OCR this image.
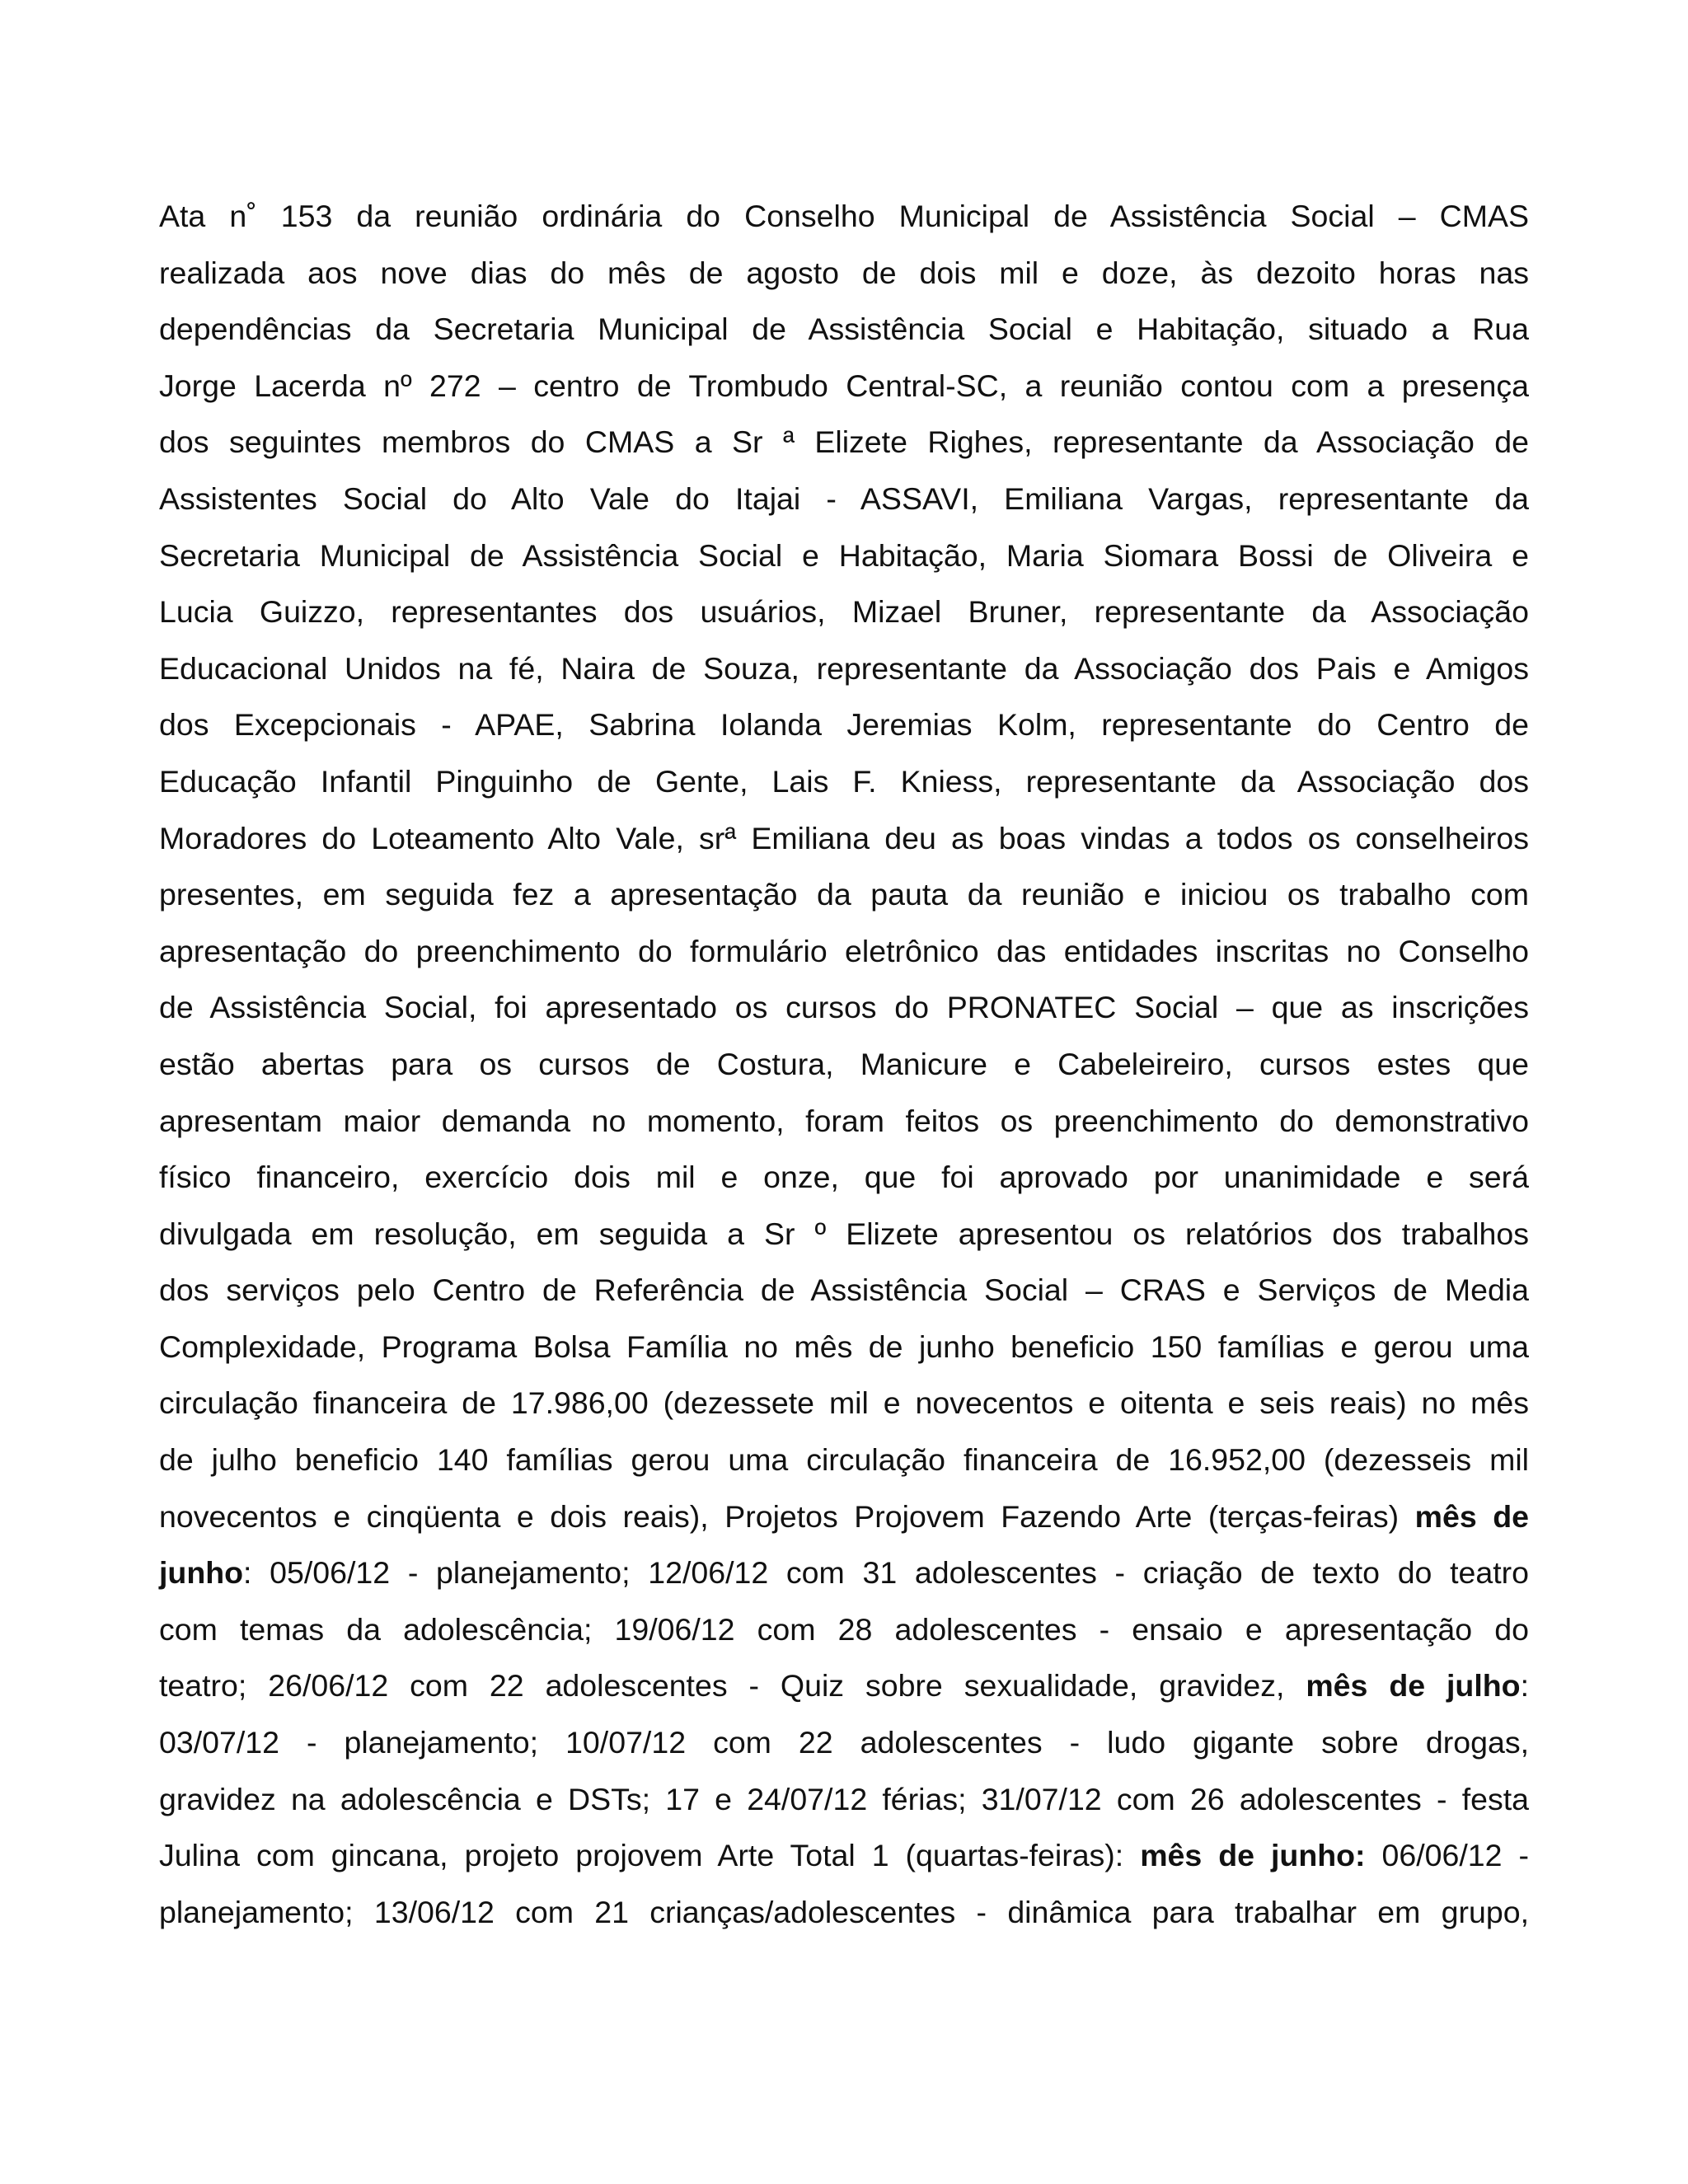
Ata n˚ 153 da reunião ordinária do Conselho Municipal de Assistência Social – CMAS
realizada aos nove dias do mês de agosto de dois mil e doze, às dezoito horas nas
dependências da Secretaria Municipal de Assistência Social e Habitação, situado a Rua
Jorge Lacerda nº 272 – centro de Trombudo Central-SC, a reunião contou com a presença
dos seguintes membros do CMAS a Sr ª Elizete Righes, representante da Associação de
Assistentes Social do Alto Vale do Itajai - ASSAVI, Emiliana Vargas, representante da
Secretaria Municipal de Assistência Social e Habitação, Maria Siomara Bossi de Oliveira e
Lucia Guizzo, representantes dos usuários, Mizael Bruner, representante da Associação
Educacional Unidos na fé, Naira de Souza, representante da Associação dos Pais e Amigos
dos Excepcionais - APAE, Sabrina Iolanda Jeremias Kolm, representante do Centro de
Educação Infantil Pinguinho de Gente, Lais F. Kniess, representante da Associação dos
Moradores do Loteamento Alto Vale, srª Emiliana deu as boas vindas a todos os conselheiros
presentes, em seguida fez a apresentação da pauta da reunião e iniciou os trabalho com
apresentação do preenchimento do formulário eletrônico das entidades inscritas no Conselho
de Assistência Social, foi apresentado os cursos do PRONATEC Social – que as inscrições
estão abertas para os cursos de Costura, Manicure e Cabeleireiro, cursos estes que
apresentam maior demanda no momento, foram feitos os preenchimento do demonstrativo
físico financeiro, exercício dois mil e onze, que foi aprovado por unanimidade e será
divulgada em resolução, em seguida a Sr º Elizete apresentou os relatórios dos trabalhos
dos serviços pelo Centro de Referência de Assistência Social – CRAS e Serviços de Media
Complexidade, Programa Bolsa Família no mês de junho beneficio 150 famílias e gerou uma
circulação financeira de 17.986,00 (dezessete mil e novecentos e oitenta e seis reais) no mês
de julho beneficio 140 famílias gerou uma circulação financeira de 16.952,00 (dezesseis mil
novecentos e cinqüenta e dois reais), Projetos Projovem Fazendo Arte (terças-feiras) mês de
junho: 05/06/12 - planejamento; 12/06/12 com 31 adolescentes - criação de texto do teatro
com temas da adolescência; 19/06/12 com 28 adolescentes - ensaio e apresentação do
teatro; 26/06/12 com 22 adolescentes - Quiz sobre sexualidade, gravidez, mês de julho:
03/07/12 - planejamento; 10/07/12 com 22 adolescentes - ludo gigante sobre drogas,
gravidez na adolescência e DSTs; 17 e 24/07/12 férias; 31/07/12 com 26 adolescentes - festa
Julina com gincana, projeto projovem Arte Total 1 (quartas-feiras): mês de junho: 06/06/12 -
planejamento; 13/06/12 com 21 crianças/adolescentes - dinâmica para trabalhar em grupo,
